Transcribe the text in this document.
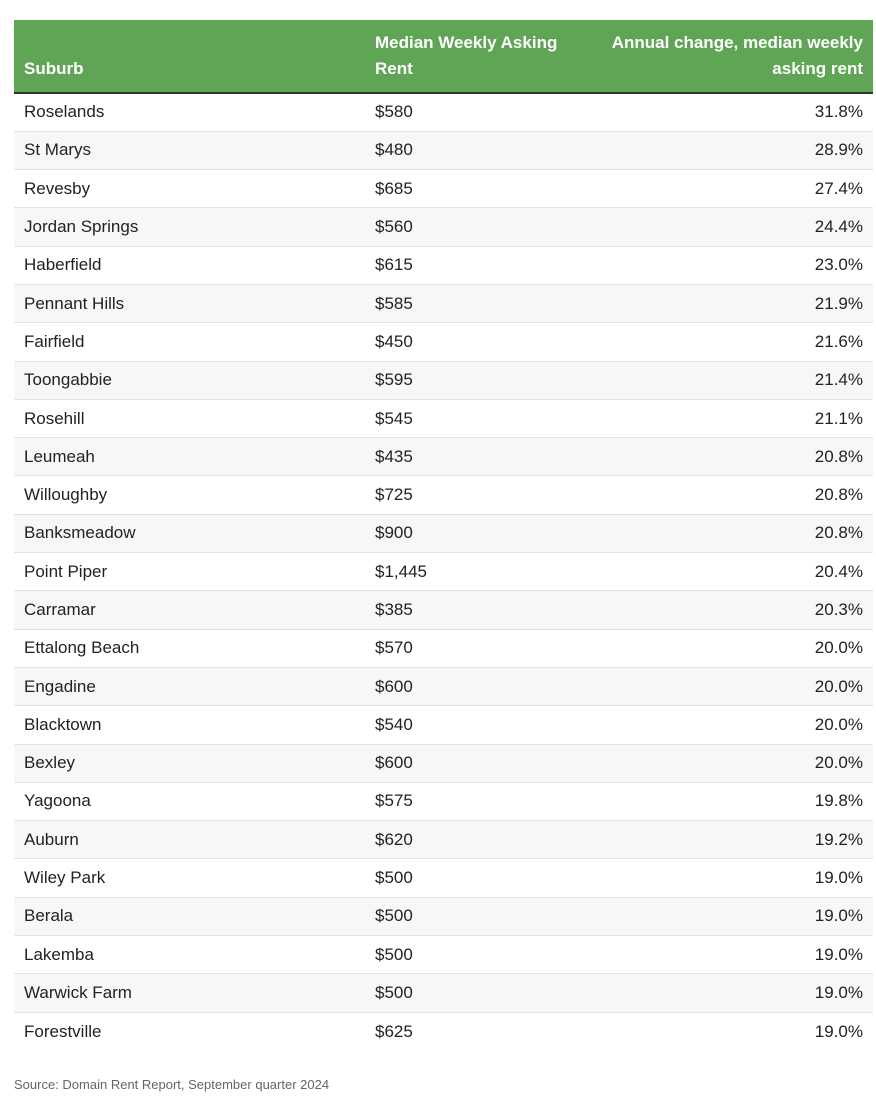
Suburb	Median Weekly Asking Rent	Annual change, median weekly asking rent
Roselands	$580	31.8%
St Marys	$480	28.9%
Revesby	$685	27.4%
Jordan Springs	$560	24.4%
Haberfield	$615	23.0%
Pennant Hills	$585	21.9%
Fairfield	$450	21.6%
Toongabbie	$595	21.4%
Rosehill	$545	21.1%
Leumeah	$435	20.8%
Willoughby	$725	20.8%
Banksmeadow	$900	20.8%
Point Piper	$1,445	20.4%
Carramar	$385	20.3%
Ettalong Beach	$570	20.0%
Engadine	$600	20.0%
Blacktown	$540	20.0%
Bexley	$600	20.0%
Yagoona	$575	19.8%
Auburn	$620	19.2%
Wiley Park	$500	19.0%
Berala	$500	19.0%
Lakemba	$500	19.0%
Warwick Farm	$500	19.0%
Forestville	$625	19.0%
Source: Domain Rent Report, September quarter 2024
